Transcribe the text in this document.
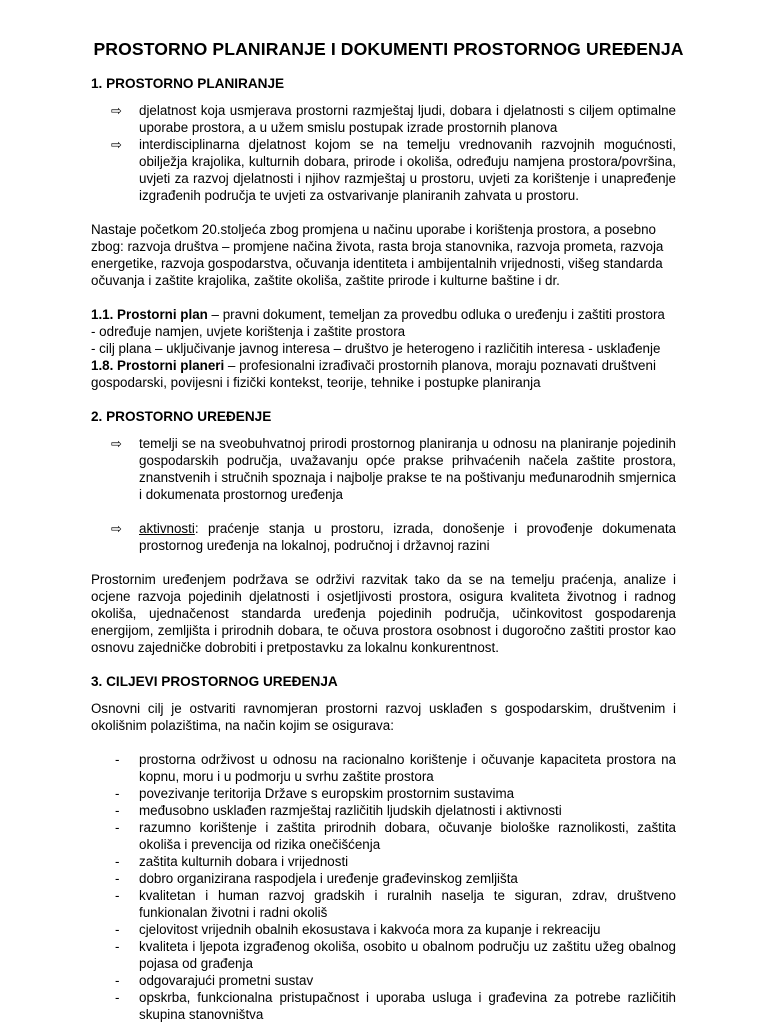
PROSTORNO PLANIRANJE I DOKUMENTI PROSTORNOG UREĐENJA
1. PROSTORNO PLANIRANJE
⇨	djelatnost koja usmjerava prostorni razmještaj ljudi, dobara i djelatnosti s ciljem optimalne uporabe prostora, a u užem smislu postupak izrade prostornih planova
⇨	interdisciplinarna djelatnost kojom se na temelju vrednovanih razvojnih mogućnosti, obilježja krajolika, kulturnih dobara, prirode i okoliša, određuju namjena prostora/površina, uvjeti za razvoj djelatnosti i njihov razmještaj u prostoru, uvjeti za korištenje i unapređenje izgrađenih područja te uvjeti za ostvarivanje planiranih zahvata u prostoru.

Nastaje početkom 20.stoljeća zbog promjena u načinu uporabe i korištenja prostora, a posebno zbog: razvoja društva – promjene načina života, rasta broja stanovnika, razvoja prometa, razvoja energetike, razvoja gospodarstva, očuvanja identiteta i ambijentalnih vrijednosti, višeg standarda očuvanja i zaštite krajolika, zaštite okoliša, zaštite prirode i kulturne baštine i dr.

1.1. Prostorni plan – pravni dokument, temeljan za provedbu odluka o uređenju i zaštiti prostora
- određuje namjen, uvjete korištenja i zaštite prostora
- cilj plana – uključivanje javnog interesa – društvo je heterogeno i različitih interesa - usklađenje
1.8. Prostorni planeri – profesionalni izrađivači prostornih planova, moraju poznavati društveni gospodarski, povijesni i fizički kontekst, teorije, tehnike i postupke planiranja
2. PROSTORNO UREĐENJE
⇨	temelji se na sveobuhvatnoj prirodi prostornog planiranja u odnosu na planiranje pojedinih gospodarskih područja, uvažavanju opće prakse prihvaćenih načela zaštite prostora, znanstvenih i stručnih spoznaja i najbolje prakse te na poštivanju međunarodnih smjernica i dokumenata prostornog uređenja
⇨	aktivnosti: praćenje stanja u prostoru, izrada, donošenje i provođenje dokumenata prostornog uređenja na lokalnoj, područnoj i državnoj razini

Prostornim uređenjem podržava se održivi razvitak tako da se na temelju praćenja, analize i ocjene razvoja pojedinih djelatnosti i osjetljivosti prostora, osigura kvaliteta životnog i radnog okoliša, ujednačenost standarda uređenja pojedinih područja, učinkovitost gospodarenja energijom, zemljišta i prirodnih dobara, te očuva prostora osobnost i dugoročno zaštiti prostor kao osnovu zajedničke dobrobiti i pretpostavku za lokalnu konkurentnost.

3. CILJEVI PROSTORNOG UREĐENJA

Osnovni cilj je ostvariti ravnomjeran prostorni razvoj usklađen s gospodarskim, društvenim i okolišnim polazištima, na način kojim se osigurava:

- prostorna održivost u odnosu na racionalno korištenje i očuvanje kapaciteta prostora na kopnu, moru i u podmorju u svrhu zaštite prostora
- povezivanje teritorija Države s europskim prostornim sustavima
- međusobno usklađen razmještaj različitih ljudskih djelatnosti i aktivnosti
- razumno korištenje i zaštita prirodnih dobara, očuvanje biološke raznolikosti, zaštita okoliša i prevencija od rizika onečišćenja
- zaštita kulturnih dobara i vrijednosti
- dobro organizirana raspodjela i uređenje građevinskog zemljišta
- kvalitetan i human razvoj gradskih i ruralnih naselja te siguran, zdrav, društveno funkionalan životni i radni okoliš
- cjelovitost vrijednih obalnih ekosustava i kakvoća mora za kupanje i rekreaciju
- kvaliteta i ljepota izgrađenog okoliša, osobito u obalnom području uz zaštitu užeg obalnog pojasa od građenja
- odgovarajući prometni sustav
- opskrba, funkcionalna pristupačnost i uporaba usluga i građevina za potrebe različitih skupina stanovništva
